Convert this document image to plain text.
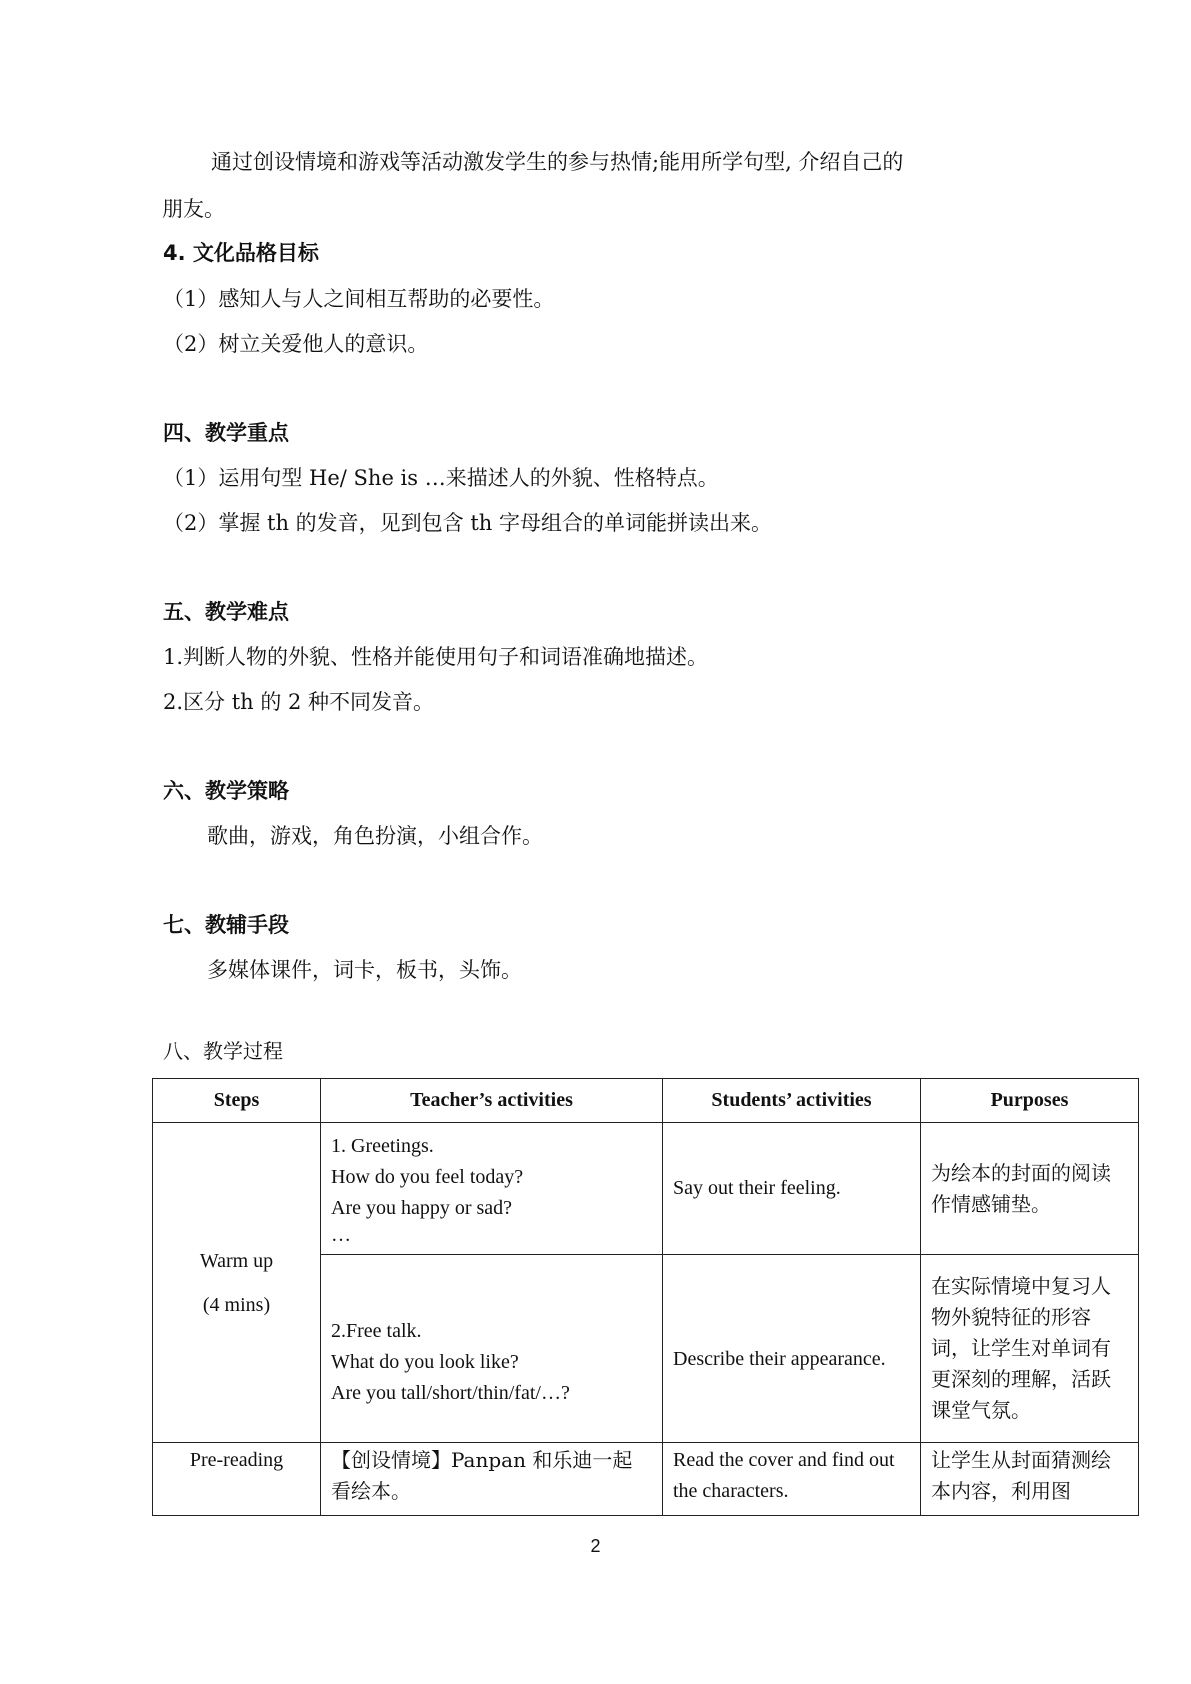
通过创设情境和游戏等活动激发学生的参与热情;能用所学句型, 介绍自己的
朋友。
4. 文化品格目标
（1）感知人与人之间相互帮助的必要性。
（2）树立关爱他人的意识。
四、教学重点
（1）运用句型 He/ She is …来描述人的外貌、性格特点。
（2）掌握 th 的发音，见到包含 th 字母组合的单词能拼读出来。
五、教学难点
1.判断人物的外貌、性格并能使用句子和词语准确地描述。
2.区分 th 的 2 种不同发音。
六、教学策略
歌曲，游戏，角色扮演，小组合作。
七、教辅手段
多媒体课件，词卡，板书，头饰。
八、教学过程
Steps	Teacher’s activities	Students’ activities	Purposes

Warm up
(4 mins)	1. Greetings.
How do you feel today?
Are you happy or sad?
…	Say out their feeling.	为绘本的封面的阅读作情感铺垫。

	2.Free talk.
What do you look like?
Are you tall/short/thin/fat/…?	Describe their appearance.	在实际情境中复习人物外貌特征的形容词，让学生对单词有更深刻的理解，活跃课堂气氛。
Pre-reading	【创设情境】Panpan 和乐迪一起看绘本。	Read the cover and find out the characters.	让学生从封面猜测绘本内容，利用图
2
